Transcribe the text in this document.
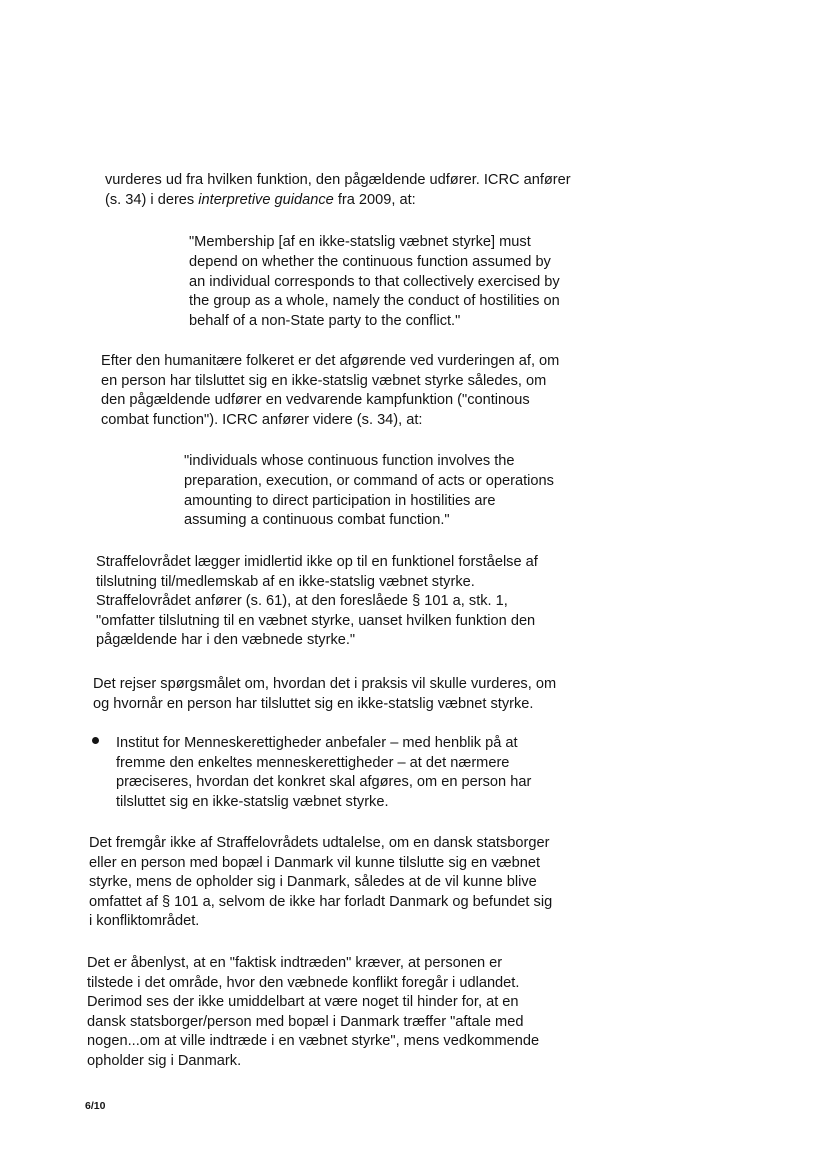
vurderes ud fra hvilken funktion, den pågældende udfører. ICRC anfører
(s. 34) i deres interpretive guidance fra 2009, at:
"Membership [af en ikke-statslig væbnet styrke] must
depend on whether the continuous function assumed by
an individual corresponds to that collectively exercised by
the group as a whole, namely the conduct of hostilities on
behalf of a non-State party to the conflict."
Efter den humanitære folkeret er det afgørende ved vurderingen af, om
en person har tilsluttet sig en ikke-statslig væbnet styrke således, om
den pågældende udfører en vedvarende kampfunktion ("continous
combat function"). ICRC anfører videre (s. 34), at:
"individuals whose continuous function involves the
preparation, execution, or command of acts or operations
amounting to direct participation in hostilities are
assuming a continuous combat function."
Straffelovrådet lægger imidlertid ikke op til en funktionel forståelse af
tilslutning til/medlemskab af en ikke-statslig væbnet styrke.
Straffelovrådet anfører (s. 61), at den foreslåede § 101 a, stk. 1,
"omfatter tilslutning til en væbnet styrke, uanset hvilken funktion den
pågældende har i den væbnede styrke."
Det rejser spørgsmålet om, hvordan det i praksis vil skulle vurderes, om
og hvornår en person har tilsluttet sig en ikke-statslig væbnet styrke.
Institut for Menneskerettigheder anbefaler – med henblik på at
fremme den enkeltes menneskerettigheder – at det nærmere
præciseres, hvordan det konkret skal afgøres, om en person har
tilsluttet sig en ikke-statslig væbnet styrke.
Det fremgår ikke af Straffelovrådets udtalelse, om en dansk statsborger
eller en person med bopæl i Danmark vil kunne tilslutte sig en væbnet
styrke, mens de opholder sig i Danmark, således at de vil kunne blive
omfattet af § 101 a, selvom de ikke har forladt Danmark og befundet sig
i konfliktområdet.
Det er åbenlyst, at en "faktisk indtræden" kræver, at personen er
tilstede i det område, hvor den væbnede konflikt foregår i udlandet.
Derimod ses der ikke umiddelbart at være noget til hinder for, at en
dansk statsborger/person med bopæl i Danmark træffer "aftale med
nogen...om at ville indtræde i en væbnet styrke", mens vedkommende
opholder sig i Danmark.
6/10
